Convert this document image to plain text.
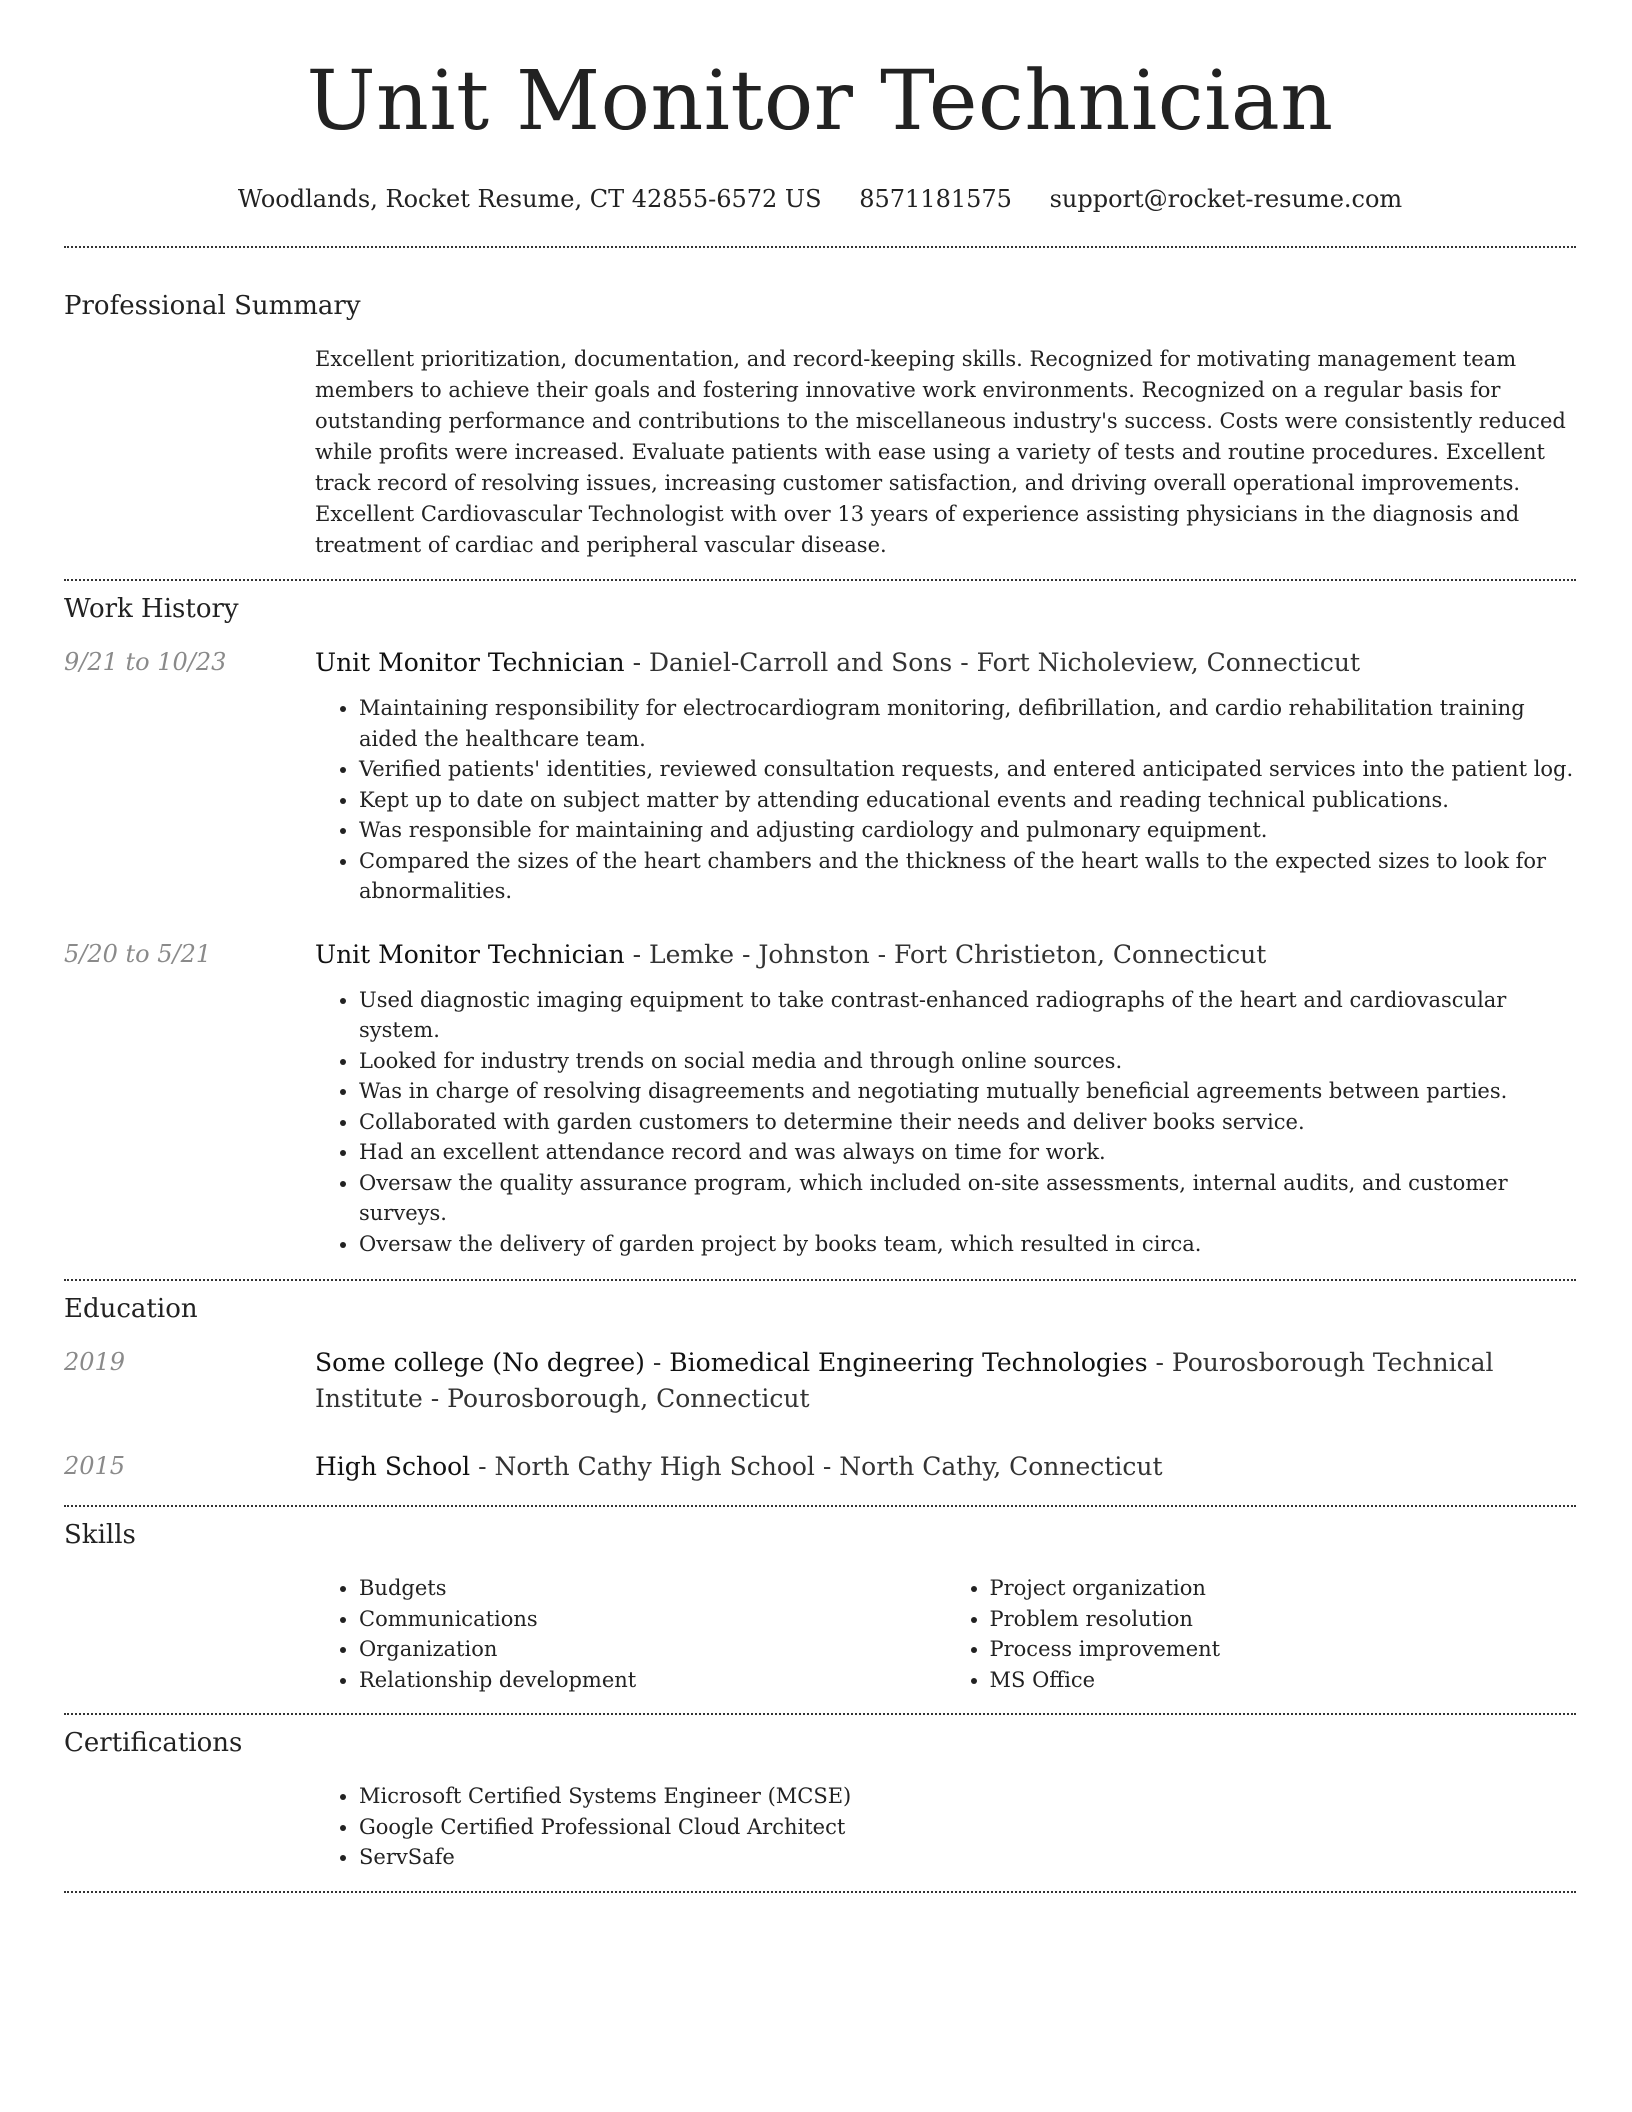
Unit Monitor Technician
Woodlands, Rocket Resume, CT 42855-6572 US 8571181575 support@rocket-resume.com
Professional Summary

Excellent prioritization, documentation, and record-keeping skills. Recognized for motivating management team members to achieve their goals and fostering innovative work environments. Recognized on a regular basis for outstanding performance and contributions to the miscellaneous industry's success. Costs were consistently reduced while profits were increased. Evaluate patients with ease using a variety of tests and routine procedures. Excellent track record of resolving issues, increasing customer satisfaction, and driving overall operational improvements. Excellent Cardiovascular Technologist with over 13 years of experience assisting physicians in the diagnosis and treatment of cardiac and peripheral vascular disease.

Work History
9/21 to 10/23	Unit Monitor Technician - Daniel-Carroll and Sons - Fort Nicholeview, Connecticut

• Maintaining responsibility for electrocardiogram monitoring, defibrillation, and cardio rehabilitation training aided the healthcare team.
• Verified patients' identities, reviewed consultation requests, and entered anticipated services into the patient log.
• Kept up to date on subject matter by attending educational events and reading technical publications.
• Was responsible for maintaining and adjusting cardiology and pulmonary equipment.
• Compared the sizes of the heart chambers and the thickness of the heart walls to the expected sizes to look for abnormalities.
5/20 to 5/21	Unit Monitor Technician - Lemke - Johnston - Fort Christieton, Connecticut

• Used diagnostic imaging equipment to take contrast-enhanced radiographs of the heart and cardiovascular system.
• Looked for industry trends on social media and through online sources.
• Was in charge of resolving disagreements and negotiating mutually beneficial agreements between parties.
• Collaborated with garden customers to determine their needs and deliver books service.
• Had an excellent attendance record and was always on time for work.
• Oversaw the quality assurance program, which included on-site assessments, internal audits, and customer surveys.
• Oversaw the delivery of garden project by books team, which resulted in circa.
Education
2019	Some college (No degree) - Biomedical Engineering Technologies - Pourosborough Technical Institute - Pourosborough, Connecticut

2015	High School - North Cathy High School - North Cathy, Connecticut

Skills
• Budgets
• Communications
• Organization
• Relationship development
• Project organization
• Problem resolution
• Process improvement
• MS Office
Certifications
• Microsoft Certified Systems Engineer (MCSE)
• Google Certified Professional Cloud Architect
• ServSafe
